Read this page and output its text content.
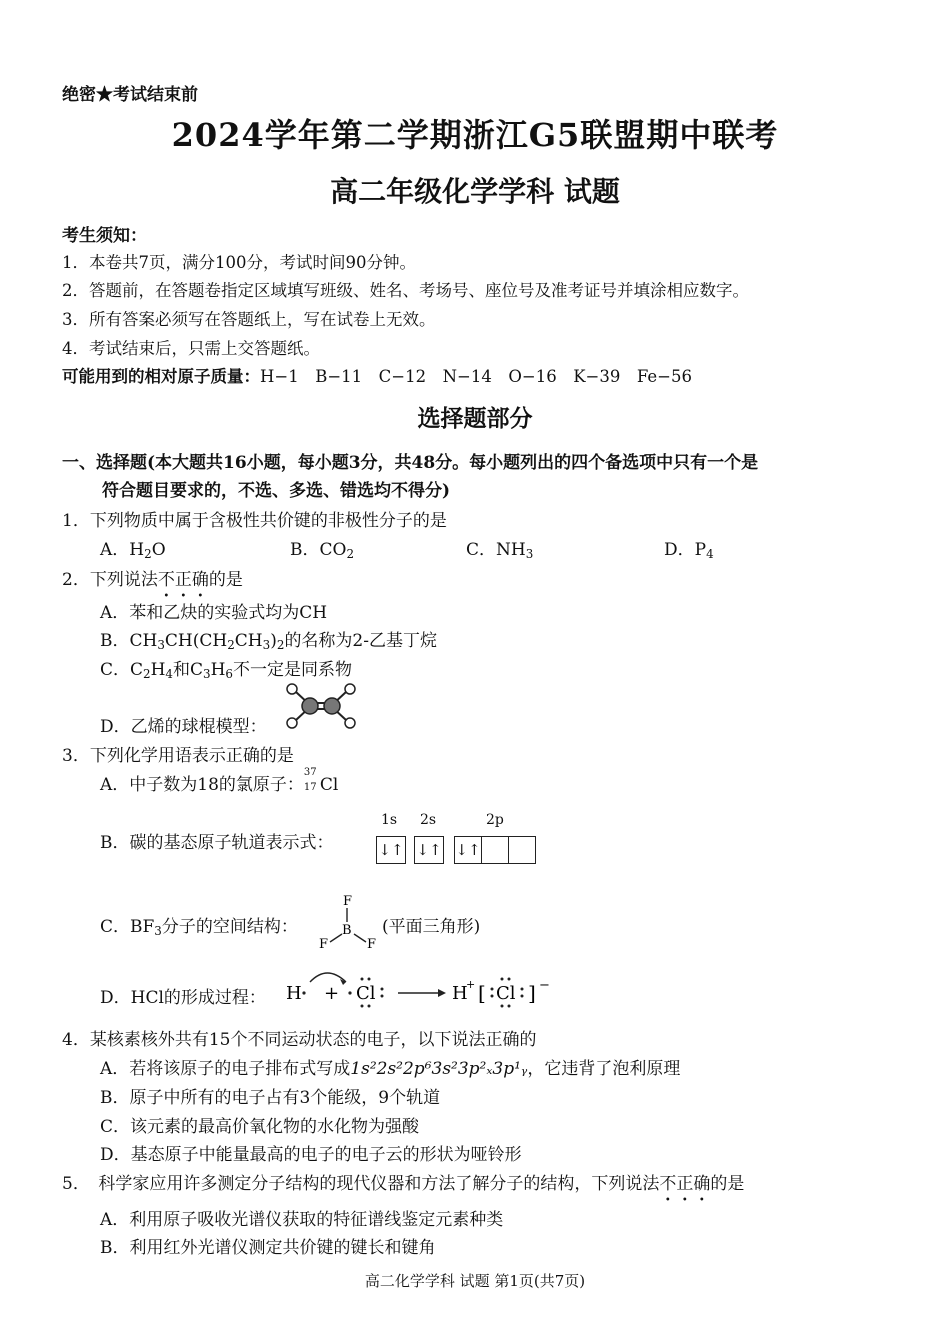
绝密★考试结束前
2024学年第二学期浙江G5联盟期中联考
高二年级化学学科 试题
考生须知：
1．本卷共7页，满分100分，考试时间90分钟。
2．答题前，在答题卷指定区域填写班级、姓名、考场号、座位号及准考证号并填涂相应数字。
3．所有答案必须写在答题纸上，写在试卷上无效。
4．考试结束后，只需上交答题纸。
可能用到的相对原子质量：H−1　B−11　C−12　N−14　O−16　K−39　Fe−56
选择题部分
一、选择题(本大题共16小题，每小题3分，共48分。每小题列出的四个备选项中只有一个是
符合题目要求的，不选、多选、错选均不得分)
1．下列物质中属于含极性共价键的非极性分子的是
A．$H_2O$	B．$CO_2$	C．$NH_3$	D．$P_4$
2．下列说法不正确的是
A．苯和乙炔的实验式均为CH
B．$CH_3CH(CH_2CH_3)_2$的名称为2-乙基丁烷
C．$C_2H_4$和$C_3H_6$不一定是同系物
D．乙烯的球棍模型：
3．下列化学用语表示正确的是
A．中子数为18的氯原子：
37
17 Cl
B．碳的基态原子轨道表示式：
1s 2s	2p
↓↑ ↓↑ ↓↑
C．$BF_3$分子的空间结构：
F
B
F	F
(平面三角形)
D．HCl的形成过程： H + Cl	H
+ [ Cl ] −
4．某核素核外共有15个不同运动状态的电子，以下说法正确的
A．若将该原子的电子排布式写成1s²2s²2p⁶3s²3p²ₓ3p¹ᵧ，它违背了泡利原理
B．原子中所有的电子占有3个能级，9个轨道
C．该元素的最高价氧化物的水化物为强酸
D．基态原子中能量最高的电子的电子云的形状为哑铃形
5．　科学家应用许多测定分子结构的现代仪器和方法了解分子的结构，下列说法不正确的是
A．利用原子吸收光谱仪获取的特征谱线鉴定元素种类
B．利用红外光谱仪测定共价键的键长和键角
高二化学学科 试题 第1页(共7页)
